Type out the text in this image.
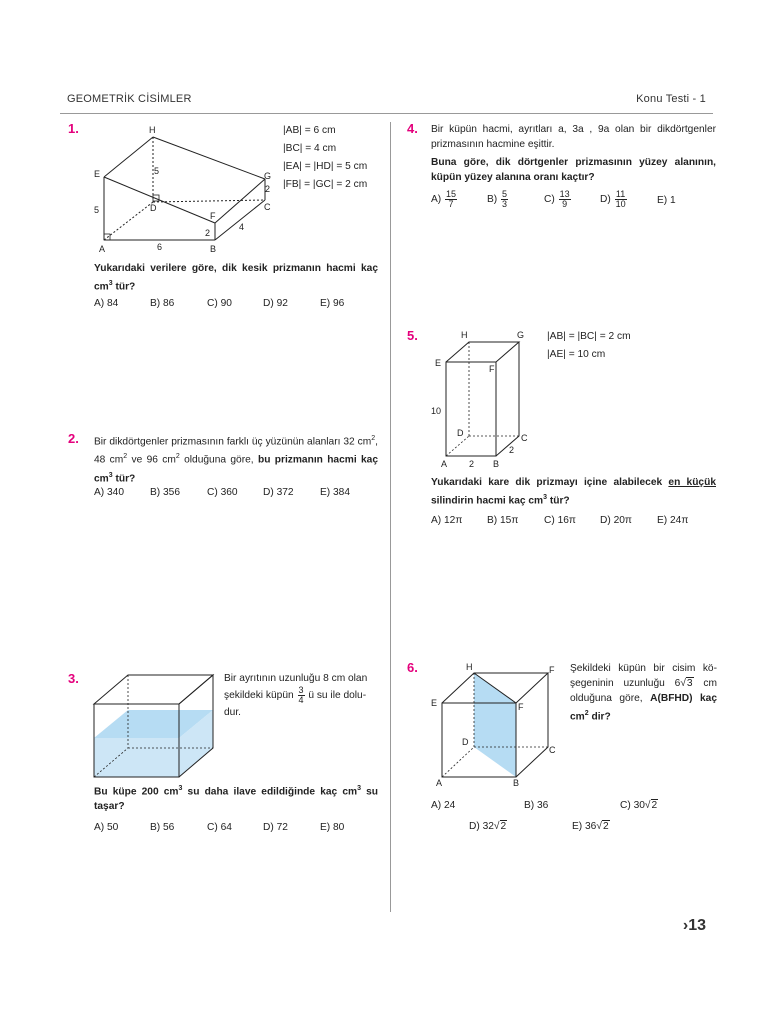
GEOMETRİK CİSİMLER	Konu Testi - 1
1.	H
E	G
D
F
C
A	B
5
5
2
2
4
6
|AB| = 6 cm
|BC| = 4 cm
|EA| = |HD| = 5 cm
|FB| = |GC| = 2 cm
Yukarıdaki verilere göre, dik kesik prizmanın hacmi kaç $cm^3$ tür?
A) 84	B) 86	C) 90	D) 92	E) 96
2. Bir dikdörtgenler prizmasının farklı üç yüzünün alanları 32 $cm^2$, 48 $cm^2$ ve 96 $cm^2$ olduğuna göre, bu prizmanın hacmi kaç $cm^3$ tür?
A) 340	B) 356	C) 360 D) 372	E) 384
3.	Bir ayrıtının uzunluğu 8 cm olan şekildeki küpün $\frac{3}{4}$ ü su ile dolu-dur.
Bu küpe 200 $cm^3$ su daha ilave edildiğinde kaç $cm^3$ su taşar?
A) 50	B) 56	C) 64	D) 72	E) 80
4. Bir küpün hacmi, ayrıtları a, 3a , 9a olan bir dikdörtgenler prizmasının hacmine eşittir.
Buna göre, dik dörtgenler prizmasının yüzey alanının, küpün yüzey alanına oranı kaçtır?
$A) \frac{15}{7}$	$B) \frac{5}{3}$	$C) \frac{13}{9}$	$D) \frac{11}{10}$	E) 1
5.	H	G
E
F
D	C
A	B
10
2
2
|AB| = |BC| = 2 cm
|AE| = 10 cm
Yukarıdaki kare dik prizmayı içine alabilecek en küçük silindirin hacmi kaç $cm^3$ tür?
A) 12π B) 15π	C) 16π D) 20π E) 24π
6.	H	F
E	F
D
C
A	B
Şekildeki küpün bir cisim kö-şegeninin uzunluğu 6√3 cm olduğuna göre, A(BFHD) kaç $cm^2$ dir?
A) 24	B) 36	C) 30√2
D) 32√2	E) 36√2
›13
